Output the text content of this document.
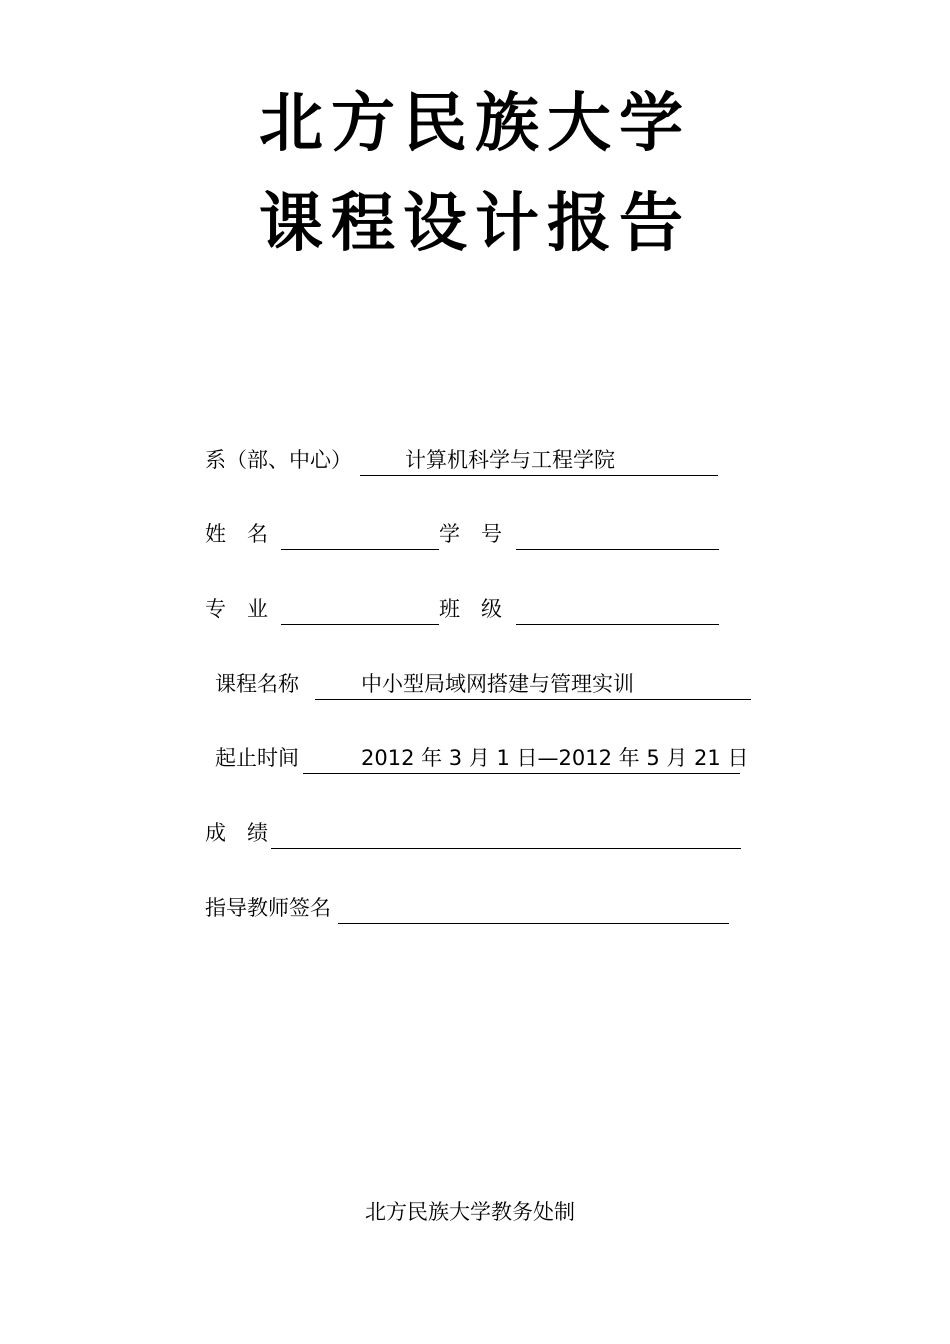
北方民族大学
课程设计报告
系（部、中心）	计算机科学与工程学院
姓　名	学　号
专　业	班　级
课程名称	中小型局域网搭建与管理实训
起止时间	2012 年 3 月 1 日—2012 年 5 月 21 日
成　绩
指导教师签名
北方民族大学教务处制
